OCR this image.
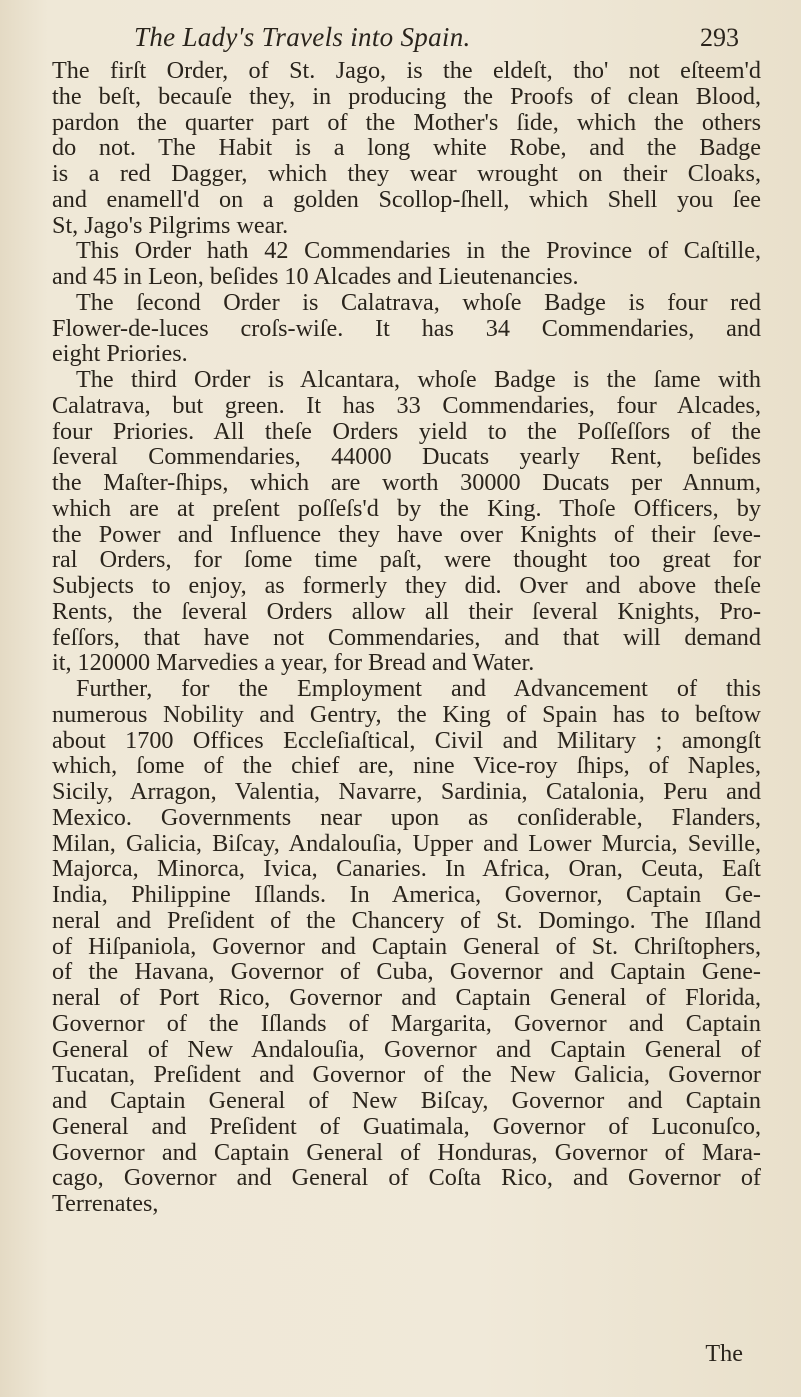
The Lady's Travels into Spain.	293
The firſt Order, of St. Jago, is the eldeſt, tho' not eſteem'd
the beſt, becauſe they, in producing the Proofs of clean Blood,
pardon the quarter part of the Mother's ſide, which the others
do not. The Habit is a long white Robe, and the Badge
is a red Dagger, which they wear wrought on their Cloaks,
and enamell'd on a golden Scollop-ſhell, which Shell you ſee
St, Jago's Pilgrims wear.
This Order hath 42 Commendaries in the Province of Caſtille,
and 45 in Leon, beſides 10 Alcades and Lieutenancies.
The ſecond Order is Calatrava, whoſe Badge is four red
Flower-de-luces croſs-wiſe. It has 34 Commendaries, and
eight Priories.
The third Order is Alcantara, whoſe Badge is the ſame with
Calatrava, but green. It has 33 Commendaries, four Alcades,
four Priories. All theſe Orders yield to the Poſſeſſors of the
ſeveral Commendaries, 44000 Ducats yearly Rent, beſides
the Maſter-ſhips, which are worth 30000 Ducats per Annum,
which are at preſent poſſeſs'd by the King. Thoſe Officers, by
the Power and Influence they have over Knights of their ſeve-
ral Orders, for ſome time paſt, were thought too great for
Subjects to enjoy, as formerly they did. Over and above theſe
Rents, the ſeveral Orders allow all their ſeveral Knights, Pro-
feſſors, that have not Commendaries, and that will demand
it, 120000 Marvedies a year, for Bread and Water.
Further, for the Employment and Advancement of this
numerous Nobility and Gentry, the King of Spain has to beſtow
about 1700 Offices Eccleſiaſtical, Civil and Military ; amongſt
which, ſome of the chief are, nine Vice-roy ſhips, of Naples,
Sicily, Arragon, Valentia, Navarre, Sardinia, Catalonia, Peru and
Mexico. Governments near upon as conſiderable, Flanders,
Milan, Galicia, Biſcay, Andalouſia, Upper and Lower Murcia, Seville,
Majorca, Minorca, Ivica, Canaries. In Africa, Oran, Ceuta, Eaſt
India, Philippine Iſlands. In America, Governor, Captain Ge-
neral and Preſident of the Chancery of St. Domingo. The Iſland
of Hiſpaniola, Governor and Captain General of St. Chriſtophers,
of the Havana, Governor of Cuba, Governor and Captain Gene-
neral of Port Rico, Governor and Captain General of Florida,
Governor of the Iſlands of Margarita, Governor and Captain
General of New Andalouſia, Governor and Captain General of
Tucatan, Preſident and Governor of the New Galicia, Governor
and Captain General of New Biſcay, Governor and Captain
General and Preſident of Guatimala, Governor of Luconuſco,
Governor and Captain General of Honduras, Governor of Mara-
cago, Governor and General of Coſta Rico, and Governor of
Terrenates,
The
